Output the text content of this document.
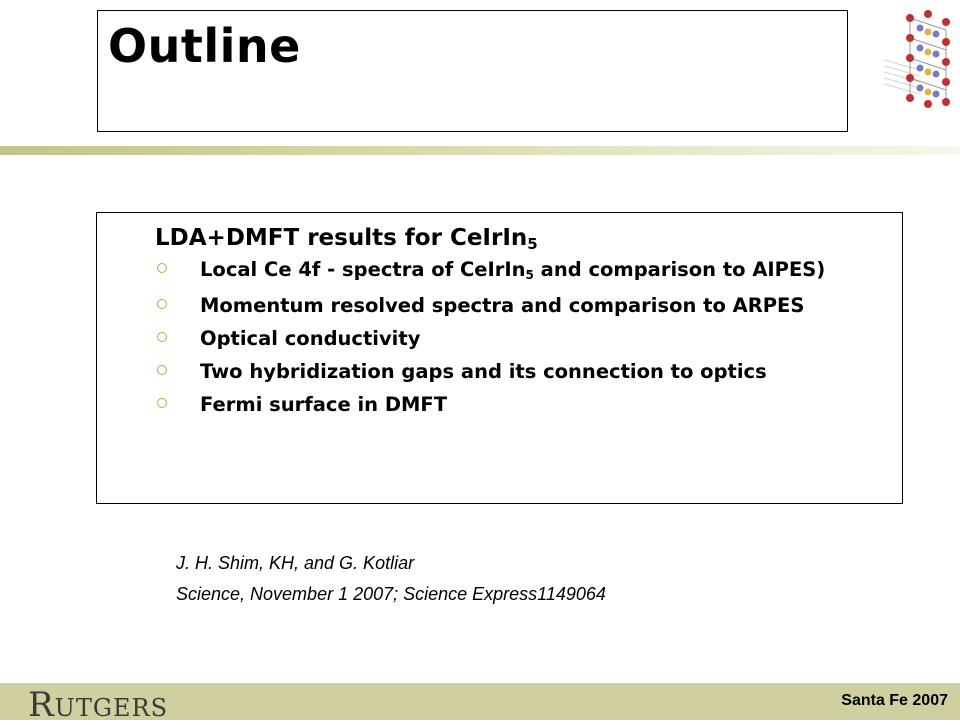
Outline
LDA+DMFT results for CeIrIn5
Local Ce 4f - spectra of CeIrIn5 and comparison to AIPES)
Momentum resolved spectra and comparison to ARPES
Optical conductivity
Two hybridization gaps and its connection to optics
Fermi surface in DMFT
J. H. Shim, KH, and G. Kotliar
Science, November 1 2007; Science Express1149064
RUTGERS	Santa Fe 2007
